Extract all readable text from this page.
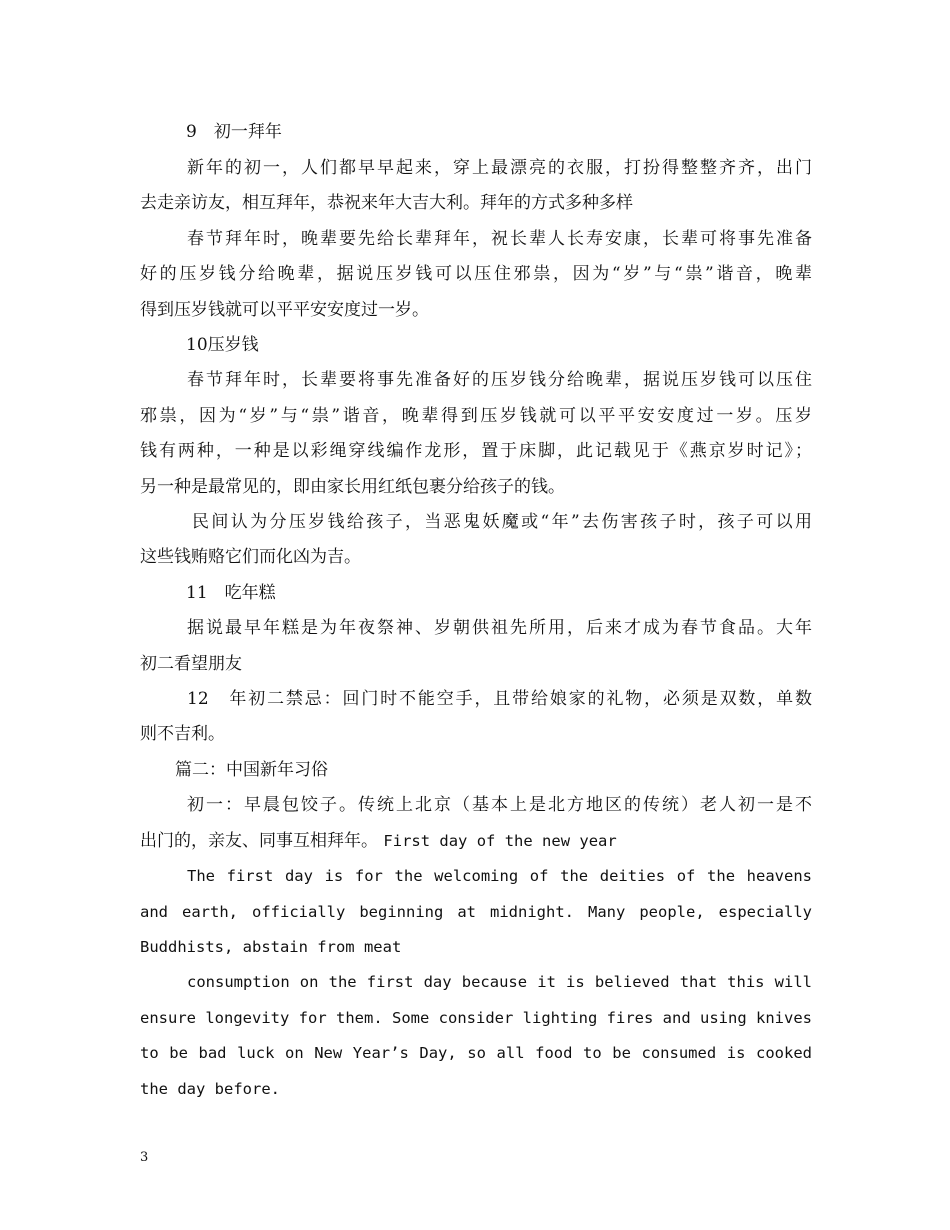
9　初一拜年
新年的初一，人们都早早起来，穿上最漂亮的衣服，打扮得整整齐齐，出门
去走亲访友，相互拜年，恭祝来年大吉大利。拜年的方式多种多样
春节拜年时，晚辈要先给长辈拜年，祝长辈人长寿安康，长辈可将事先准备
好的压岁钱分给晚辈，据说压岁钱可以压住邪祟，因为“岁”与“祟”谐音，晚辈
得到压岁钱就可以平平安安度过一岁。
10压岁钱
春节拜年时，长辈要将事先准备好的压岁钱分给晚辈，据说压岁钱可以压住
邪祟，因为“岁”与“祟”谐音，晚辈得到压岁钱就可以平平安安度过一岁。压岁
钱有两种，一种是以彩绳穿线编作龙形，置于床脚，此记载见于《燕京岁时记》；
另一种是最常见的，即由家长用红纸包裹分给孩子的钱。
民间认为分压岁钱给孩子，当恶鬼妖魔或“年”去伤害孩子时，孩子可以用
这些钱贿赂它们而化凶为吉。
11　吃年糕
据说最早年糕是为年夜祭神、岁朝供祖先所用，后来才成为春节食品。大年
初二看望朋友
12　年初二禁忌：回门时不能空手，且带给娘家的礼物，必须是双数，单数
则不吉利。
篇二：中国新年习俗
初一：早晨包饺子。传统上北京（基本上是北方地区的传统）老人初一是不
出门的，亲友、同事互相拜年。 First day of the new year
The first day is for the welcoming of the deities of the heavens
and earth, officially beginning at midnight. Many people, especially
Buddhists, abstain from meat
consumption on the first day because it is believed that this will
ensure longevity for them. Some consider lighting fires and using knives
to be bad luck on New Year’s Day, so all food to be consumed is cooked
the day before.
3
